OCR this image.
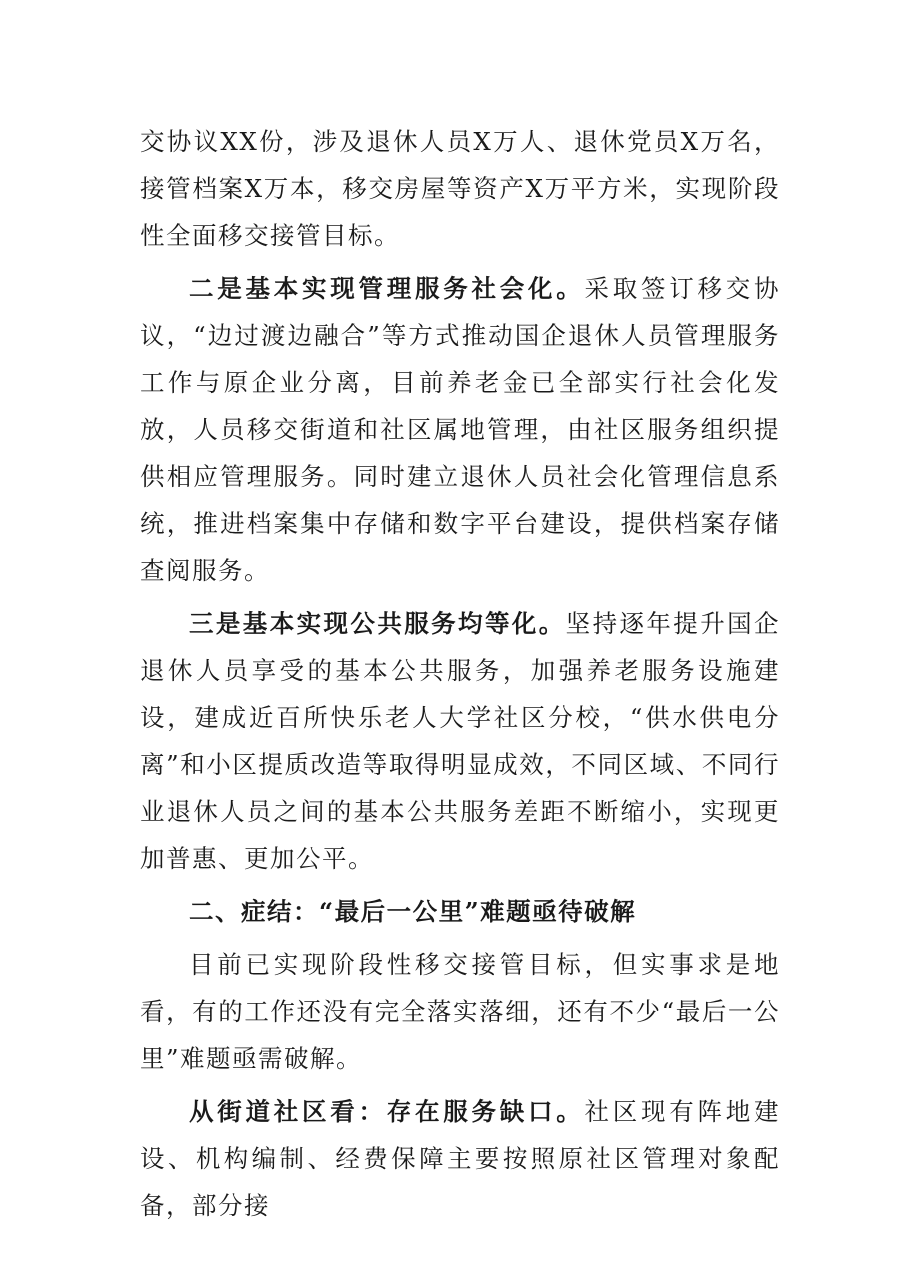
交协议XX份，涉及退休人员X万人、退休党员X万名，接管档案X万本，移交房屋等资产X万平方米，实现阶段性全面移交接管目标。

二是基本实现管理服务社会化。采取签订移交协议，“边过渡边融合”等方式推动国企退休人员管理服务工作与原企业分离，目前养老金已全部实行社会化发放，人员移交街道和社区属地管理，由社区服务组织提供相应管理服务。同时建立退休人员社会化管理信息系统，推进档案集中存储和数字平台建设，提供档案存储查阅服务。

三是基本实现公共服务均等化。坚持逐年提升国企退休人员享受的基本公共服务，加强养老服务设施建设，建成近百所快乐老人大学社区分校，“供水供电分离”和小区提质改造等取得明显成效，不同区域、不同行业退休人员之间的基本公共服务差距不断缩小，实现更加普惠、更加公平。

二、症结：“最后一公里”难题亟待破解

目前已实现阶段性移交接管目标，但实事求是地看，有的工作还没有完全落实落细，还有不少“最后一公里”难题亟需破解。

从街道社区看：存在服务缺口。社区现有阵地建设、机构编制、经费保障主要按照原社区管理对象配备，部分接
